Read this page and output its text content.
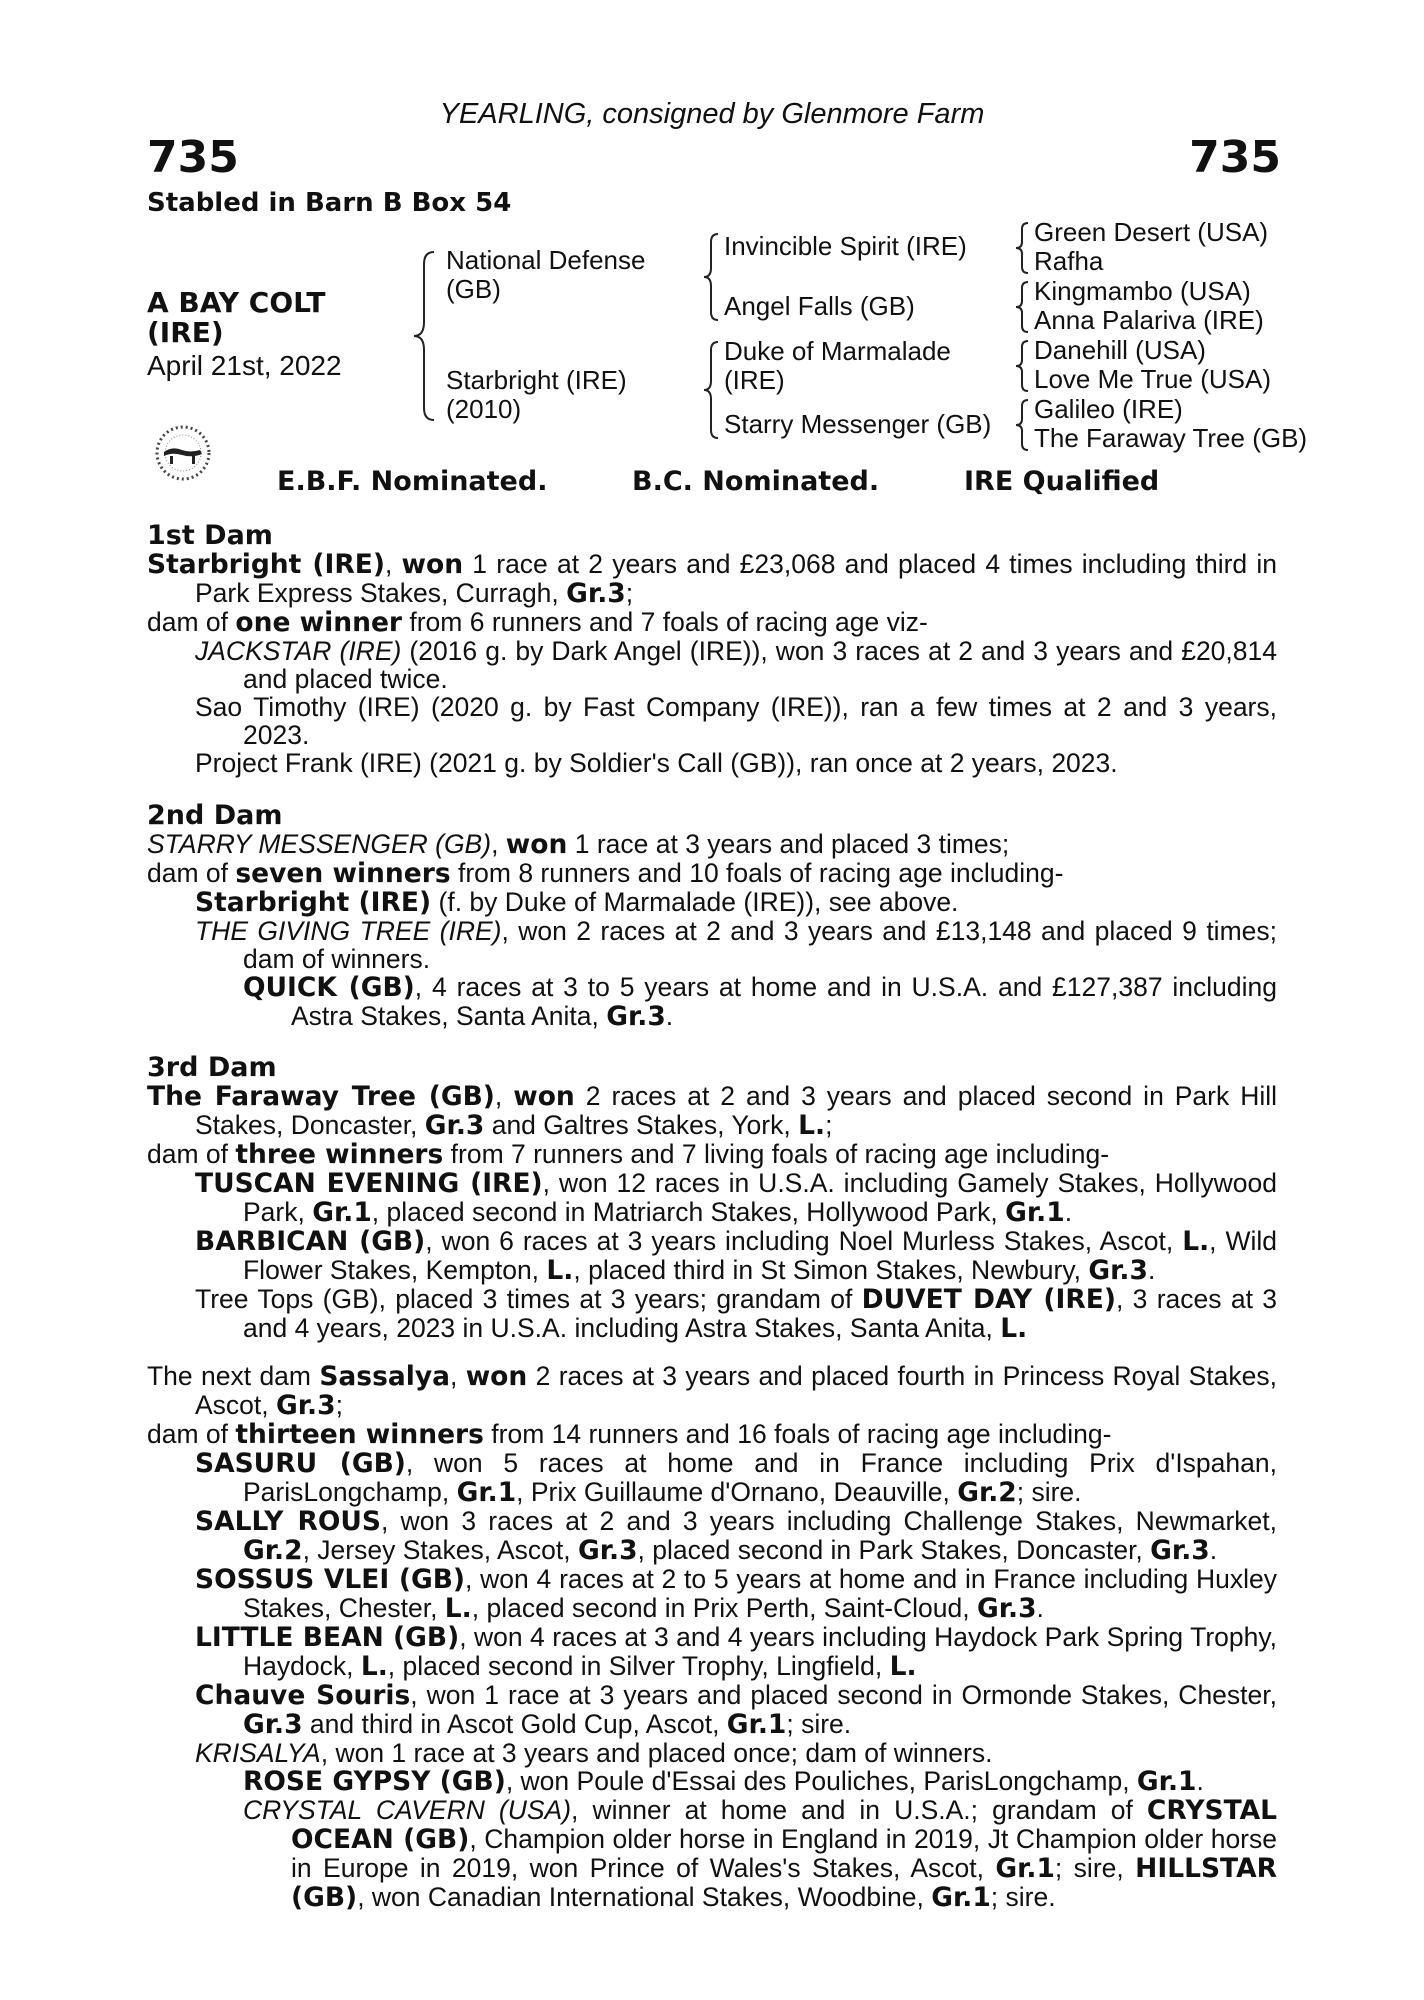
YEARLING, consigned by Glenmore Farm
735	735
Stabled in Barn B Box 54
A BAY COLT
(IRE)
April 21st, 2022
National Defense
(GB)
Starbright (IRE)
(2010)
Invincible Spirit (IRE)
Angel Falls (GB)
Duke of Marmalade
(IRE)
Starry Messenger (GB)
Green Desert (USA)
Rafha
Kingmambo (USA)
Anna Palariva (IRE)
Danehill (USA)
Love Me True (USA)
Galileo (IRE)
The Faraway Tree (GB)
E.B.F. Nominated.	B.C. Nominated.	IRE Qualified

1st Dam

Starbright (IRE), won 1 race at 2 years and £23,068 and placed 4 times including third in Park Express Stakes, Curragh, Gr.3;

dam of one winner from 6 runners and 7 foals of racing age viz-

JACKSTAR (IRE) (2016 g. by Dark Angel (IRE)), won 3 races at 2 and 3 years and £20,814 and placed twice.

Sao Timothy (IRE) (2020 g. by Fast Company (IRE)), ran a few times at 2 and 3 years, 2023.

Project Frank (IRE) (2021 g. by Soldier's Call (GB)), ran once at 2 years, 2023.

2nd Dam

STARRY MESSENGER (GB), won 1 race at 3 years and placed 3 times;

dam of seven winners from 8 runners and 10 foals of racing age including-

Starbright (IRE) (f. by Duke of Marmalade (IRE)), see above.

THE GIVING TREE (IRE), won 2 races at 2 and 3 years and £13,148 and placed 9 times; dam of winners.

QUICK (GB), 4 races at 3 to 5 years at home and in U.S.A. and £127,387 including Astra Stakes, Santa Anita, Gr.3.

3rd Dam

The Faraway Tree (GB), won 2 races at 2 and 3 years and placed second in Park Hill Stakes, Doncaster, Gr.3 and Galtres Stakes, York, L.;

dam of three winners from 7 runners and 7 living foals of racing age including-

TUSCAN EVENING (IRE), won 12 races in U.S.A. including Gamely Stakes, Hollywood Park, Gr.1, placed second in Matriarch Stakes, Hollywood Park, Gr.1.

BARBICAN (GB), won 6 races at 3 years including Noel Murless Stakes, Ascot, L., Wild Flower Stakes, Kempton, L., placed third in St Simon Stakes, Newbury, Gr.3.

Tree Tops (GB), placed 3 times at 3 years; grandam of DUVET DAY (IRE), 3 races at 3 and 4 years, 2023 in U.S.A. including Astra Stakes, Santa Anita, L.

The next dam Sassalya, won 2 races at 3 years and placed fourth in Princess Royal Stakes, Ascot, Gr.3;

dam of thirteen winners from 14 runners and 16 foals of racing age including-

SASURU (GB), won 5 races at home and in France including Prix d'Ispahan, ParisLongchamp, Gr.1, Prix Guillaume d'Ornano, Deauville, Gr.2; sire.

SALLY ROUS, won 3 races at 2 and 3 years including Challenge Stakes, Newmarket, Gr.2, Jersey Stakes, Ascot, Gr.3, placed second in Park Stakes, Doncaster, Gr.3.

SOSSUS VLEI (GB), won 4 races at 2 to 5 years at home and in France including Huxley Stakes, Chester, L., placed second in Prix Perth, Saint-Cloud, Gr.3.

LITTLE BEAN (GB), won 4 races at 3 and 4 years including Haydock Park Spring Trophy, Haydock, L., placed second in Silver Trophy, Lingfield, L.

Chauve Souris, won 1 race at 3 years and placed second in Ormonde Stakes, Chester, Gr.3 and third in Ascot Gold Cup, Ascot, Gr.1; sire.

KRISALYA, won 1 race at 3 years and placed once; dam of winners.

ROSE GYPSY (GB), won Poule d'Essai des Pouliches, ParisLongchamp, Gr.1.

CRYSTAL CAVERN (USA), winner at home and in U.S.A.; grandam of CRYSTAL OCEAN (GB), Champion older horse in England in 2019, Jt Champion older horse in Europe in 2019, won Prince of Wales's Stakes, Ascot, Gr.1; sire, HILLSTAR (GB), won Canadian International Stakes, Woodbine, Gr.1; sire.
